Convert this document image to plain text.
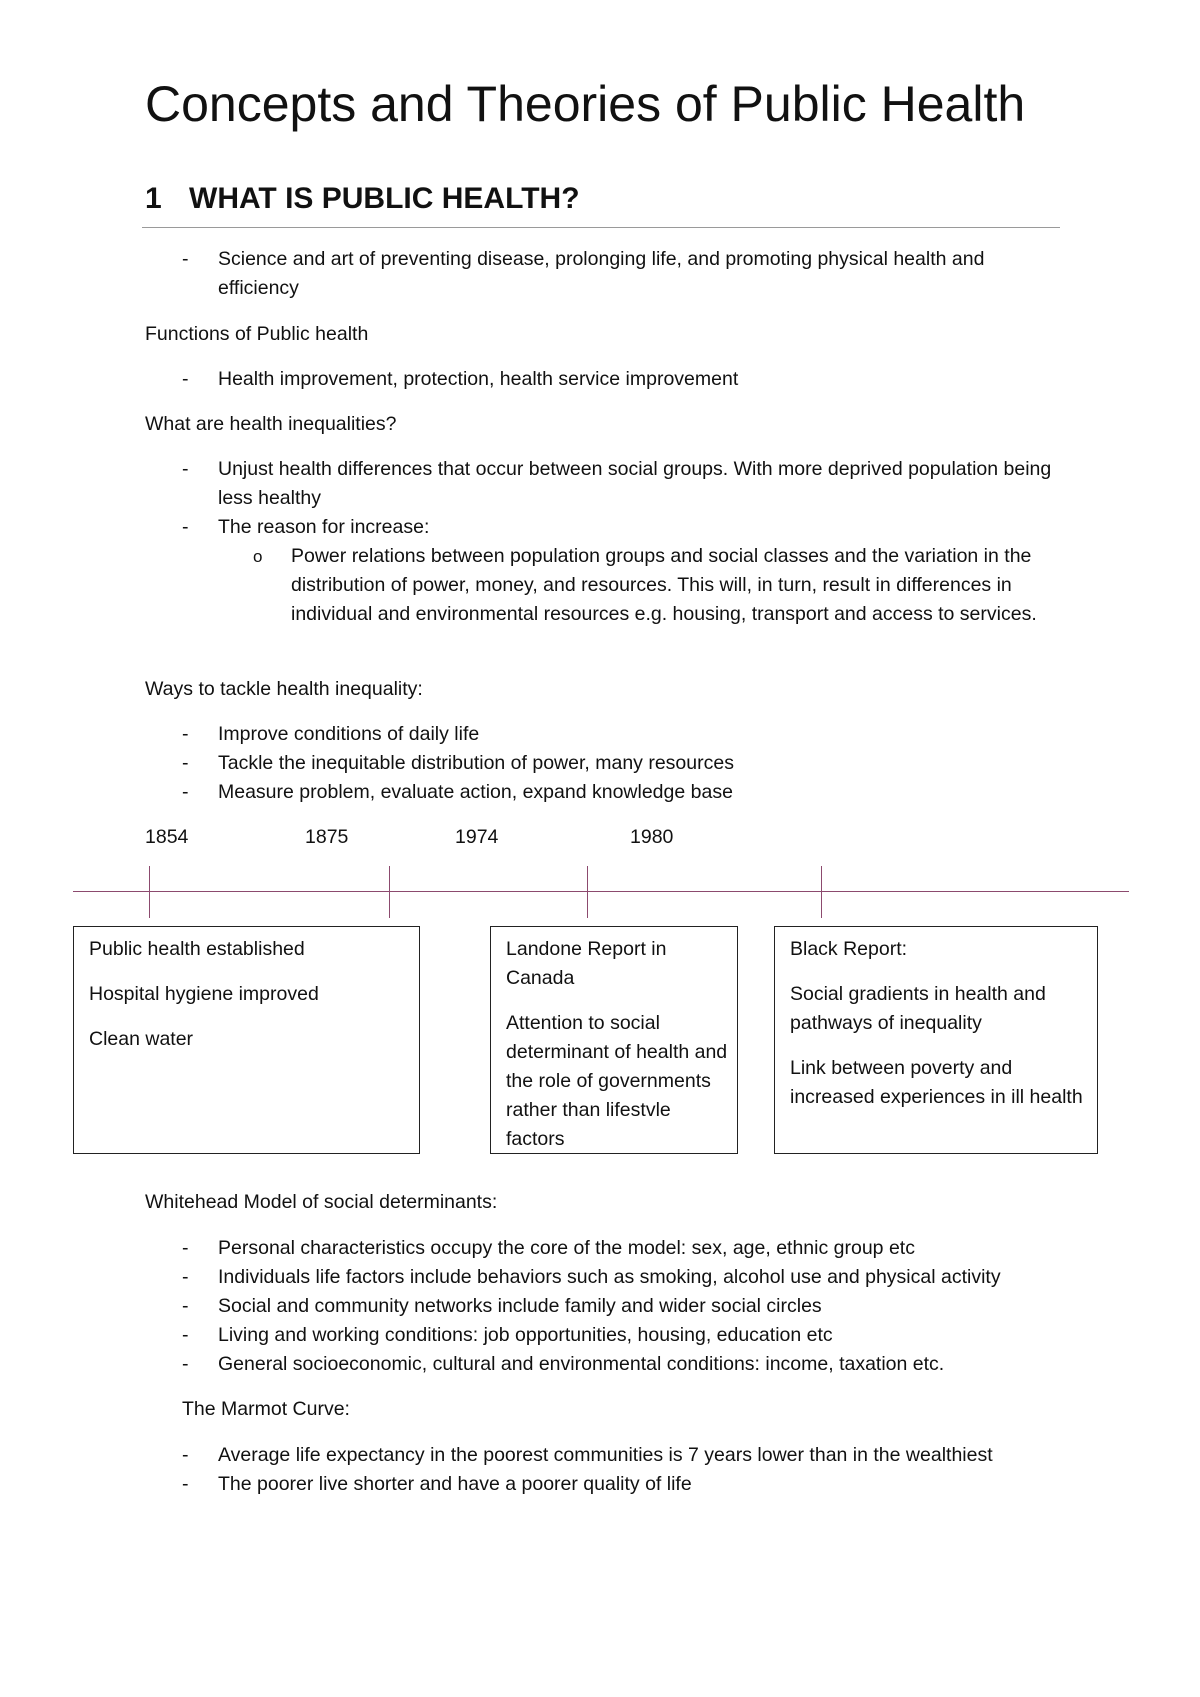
Concepts and Theories of Public Health
1 WHAT IS PUBLIC HEALTH?
- Science and art of preventing disease, prolonging life, and promoting physical health and efficiency
Functions of Public health
- Health improvement, protection, health service improvement
What are health inequalities?
- Unjust health differences that occur between social groups. With more deprived population being less healthy
- The reason for increase:
o Power relations between population groups and social classes and the variation in the distribution of power, money, and resources. This will, in turn, result in differences in individual and environmental resources e.g. housing, transport and access to services.
Ways to tackle health inequality:
- Improve conditions of daily life
- Tackle the inequitable distribution of power, many resources
- Measure problem, evaluate action, expand knowledge base
1854	1875	1974	1980

Public health established

Hospital hygiene improved

Clean water

Landone Report in Canada

Attention to social determinant of health and the role of governments rather than lifestvle factors

Black Report:

Social gradients in health and pathways of inequality

Link between poverty and increased experiences in ill health

Whitehead Model of social determinants:
- Personal characteristics occupy the core of the model: sex, age, ethnic group etc
- Individuals life factors include behaviors such as smoking, alcohol use and physical activity
- Social and community networks include family and wider social circles
- Living and working conditions: job opportunities, housing, education etc
- General socioeconomic, cultural and environmental conditions: income, taxation etc.
The Marmot Curve:
- Average life expectancy in the poorest communities is 7 years lower than in the wealthiest
- The poorer live shorter and have a poorer quality of life
